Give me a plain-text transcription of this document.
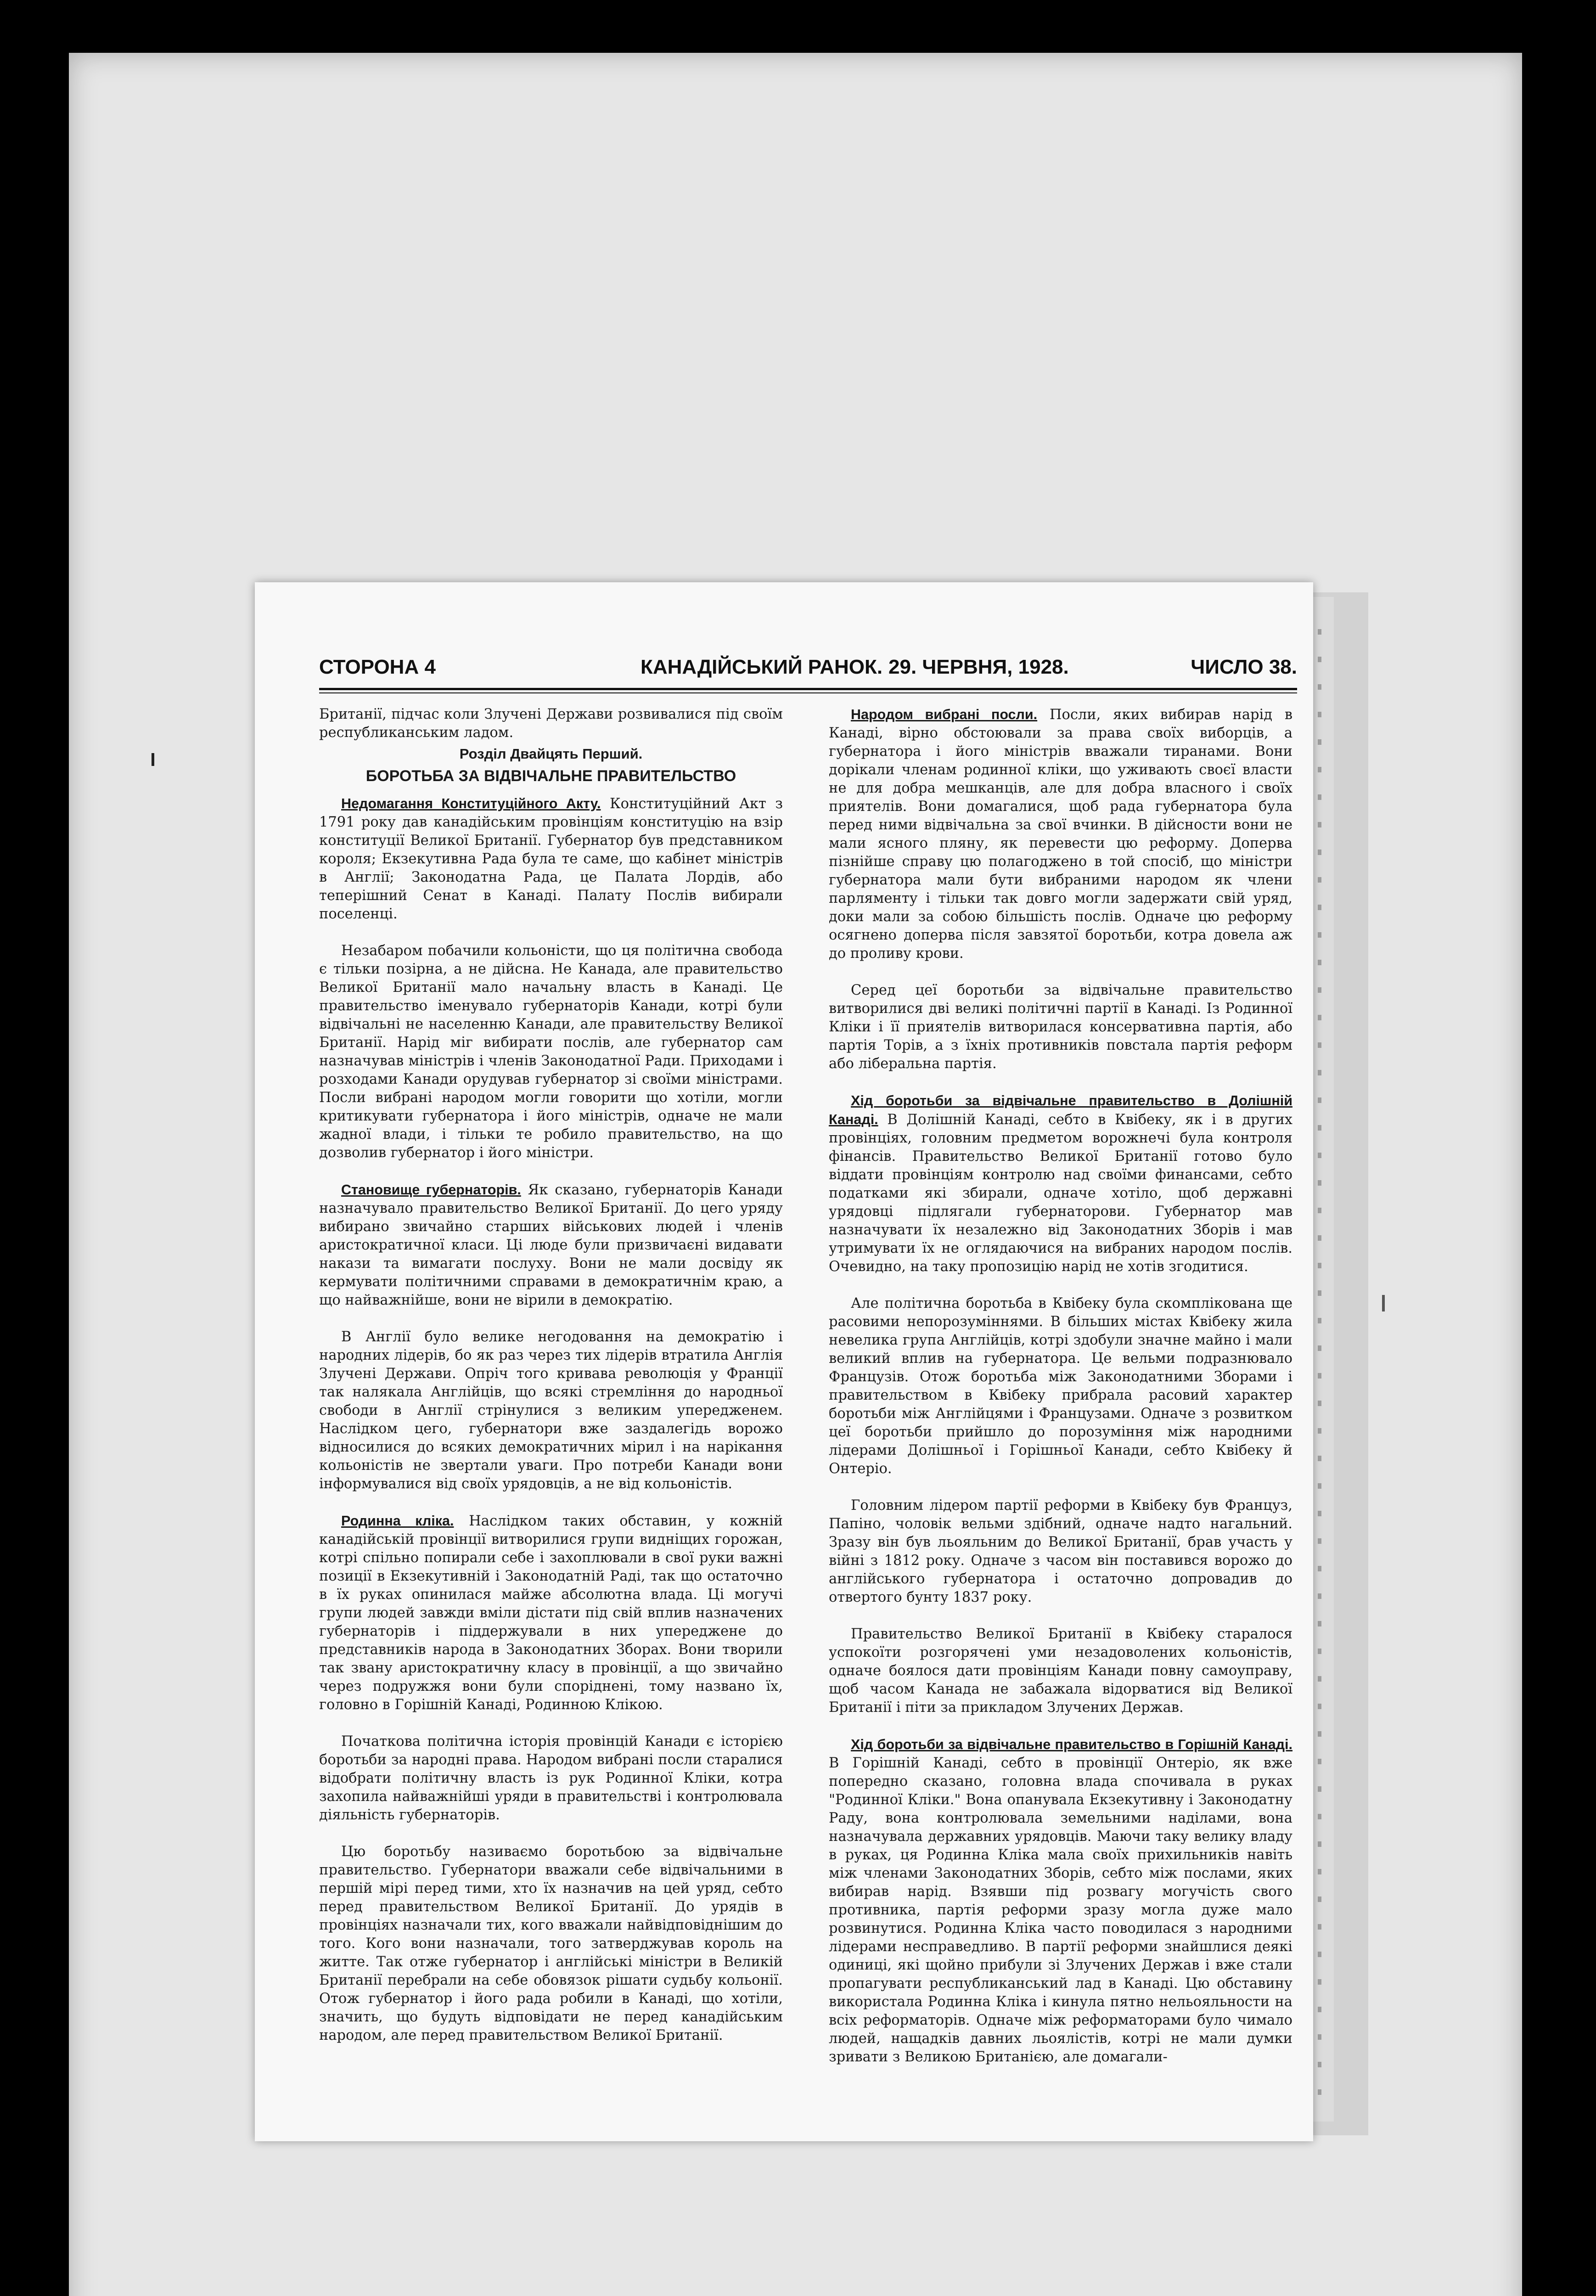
СТОРОНА 4	КАНАДІЙСЬКИЙ РАНОК. 29. ЧЕРВНЯ, 1928.	ЧИСЛО 38.

Британії, підчас коли Злучені Держави розвивалися під своїм республиканським ладом.

Розділ Двайцять Перший.
БОРОТЬБА ЗА ВІДВІЧАЛЬНЕ ПРАВИТЕЛЬСТВО

Недомагання Конституційного Акту. Конституційний Акт з 1791 року дав канадійським провінціям конституцію на взір конституції Великої Британії. Губернатор був представником короля; Екзекутивна Рада була те саме, що кабінет міністрів в Англії; Законодатна Рада, це Палата Лордів, або теперішний Сенат в Канаді. Палату Послів вибирали поселенці.

Незабаром побачили кольоністи, що ця політична свобода є тільки позірна, а не дійсна. Не Канада, але правительство Великої Британії мало начальну власть в Канаді. Це правительство іменувало губернаторів Канади, котрі були відвічальні не населенню Канади, але правительству Великої Британії. Нарід міг вибирати послів, але губернатор сам назначував міністрів і членів Законодатної Ради. Приходами і розходами Канади орудував губернатор зі своїми міністрами. Посли вибрані народом могли говорити що хотіли, могли критикувати губернатора і його міністрів, одначе не мали жадної влади, і тільки те робило правительство, на що дозволив губернатор і його міністри.

Становище губернаторів. Як сказано, губернаторів Канади назначувало правительство Великої Британії. До цего уряду вибирано звичайно старших військових людей і членів аристократичної класи. Ці люде були призвичаєні видавати накази та вимагати послуху. Вони не мали досвіду як кермувати політичними справами в демократичнім краю, а що найважнійше, вони не вірили в демократію.

В Англії було велике негодовання на демократію і народних лідерів, бо як раз через тих лідерів втратила Англія Злучені Держави. Опріч того кривава революція у Франції так налякала Англійців, що всякі стремління до народньої свободи в Англії стрінулися з великим упередженем. Наслідком цего, губернатори вже заздалегідь ворожо відносилися до всяких демократичних мірил і на нарікання кольоністів не звертали уваги. Про потреби Канади вони інформувалися від своїх урядовців, а не від кольоністів.

Родинна кліка. Наслідком таких обставин, у кожній канадійській провінції витворилися групи видніщих горожан, котрі спільно попирали себе і захоплювали в свої руки важні позиції в Екзекутивній і Законодатній Раді, так що остаточно в їх руках опинилася майже абсолютна влада. Ці могучі групи людей завжди вміли дістати під свій вплив назначених губернаторів і піддержували в них упереджене до представників народа в Законодатних Зборах. Вони творили так звану аристократичну класу в провінції, а що звичайно через подружжя вони були споріднені, тому названо їх, головно в Горішній Канаді, Родинною Клікою.

Початкова політична історія провінцій Канади є історією боротьби за народні права. Народом вибрані посли старалися відобрати політичну власть із рук Родинної Кліки, котра захопила найважнійші уряди в правительстві і контролювала діяльність губернаторів.

Цю боротьбу називаємо боротьбою за відвічальне правительство. Губернатори вважали себе відвічальними в першій мірі перед тими, хто їх назначив на цей уряд, себто перед правительством Великої Британії. До урядів в провінціях назначали тих, кого вважали найвідповіднішим до того. Кого вони назначали, того затверджував король на житте. Так отже губернатор і англійські міністри в Великій Британії перебрали на себе обовязок рішати судьбу кольонії. Отож губернатор і його рада робили в Канаді, що хотіли, значить, що будуть відповідати не перед канадійським народом, але перед правительством Великої Британії.

Народом вибрані посли. Посли, яких вибирав нарід в Канаді, вірно обстоювали за права своїх виборців, а губернатора і його міністрів вважали тиранами. Вони дорікали членам родинної кліки, що уживають своєї власти не для добра мешканців, але для добра власного і своїх приятелів. Вони домагалися, щоб рада губернатора була перед ними відвічальна за свої вчинки. В дійсности вони не мали ясного пляну, як перевести цю реформу. Доперва пізнійше справу цю полагоджено в той спосіб, що міністри губернатора мали бути вибраними народом як члени парляменту і тільки так довго могли задержати свій уряд, доки мали за собою більшість послів. Одначе цю реформу осягнено доперва після завзятої боротьби, котра довела аж до проливу крови.

Серед цеї боротьби за відвічальне правительство витворилися дві великі політичні партії в Канаді. Із Родинної Кліки і її приятелів витворилася консервативна партія, або партія Торів, а з їхніх противників повстала партія реформ або ліберальна партія.

Хід боротьби за відвічальне правительство в Долішній Канаді. В Долішній Канаді, себто в Квібеку, як і в других провінціях, головним предметом ворожнечі була контроля фінансів. Правительство Великої Британії готово було віддати провінціям контролю над своїми финансами, себто податками які збирали, одначе хотіло, щоб державні урядовці підлягали губернаторови. Губернатор мав назначувати їх незалежно від Законодатних Зборів і мав утримувати їх не оглядаючися на вибраних народом послів. Очевидно, на таку пропозицію нарід не хотів згодитися.

Але політична боротьба в Квібеку була скомплікована ще расовими непорозуміннями. В більших містах Квібеку жила невелика група Англійців, котрі здобули значне майно і мали великий вплив на губернатора. Це вельми подразнювало Французів. Отож боротьба між Законодатними Зборами і правительством в Квібеку прибрала расовий характер боротьби між Англійцями і Французами. Одначе з розвитком цеї боротьби прийшло до порозуміння між народними лідерами Долішньої і Горішньої Канади, себто Квібеку й Онтеріо.

Головним лідером партії реформи в Квібеку був Француз, Папіно, чоловік вельми здібний, одначе надто нагальний. Зразу він був льояльним до Великої Британії, брав участь у війні з 1812 року. Одначе з часом він поставився ворожо до англійського губернатора і остаточно допровадив до отвертого бунту 1837 року.

Правительство Великої Британії в Квібеку старалося успокоїти розгорячені уми незадоволених кольоністів, одначе боялося дати провінціям Канади повну самоуправу, щоб часом Канада не забажала відорватися від Великої Британії і піти за прикладом Злучених Держав.

Хід боротьби за відвічальне правительство в Горішній Канаді. В Горішній Канаді, себто в провінції Онтеріо, як вже попередно сказано, головна влада спочивала в руках "Родинної Кліки." Вона опанувала Екзекутивну і Законодатну Раду, вона контролювала земельними наділами, вона назначувала державних урядовців. Маючи таку велику владу в руках, ця Родинна Кліка мала своїх прихильників навіть між членами Законодатних Зборів, себто між послами, яких вибирав нарід. Взявши під розвагу могучість свого противника, партія реформи зразу могла дуже мало розвинутися. Родинна Кліка часто поводилася з народними лідерами несправедливо. В партії реформи знайшлися деякі одиниці, які щойно прибули зі Злучених Держав і вже стали пропагувати республиканський лад в Канаді. Цю обставину використала Родинна Кліка і кинула пятно нельояльности на всіх реформаторів. Одначе між реформаторами було чимало людей, нащадків давних льоялістів, котрі не мали думки зривати з Великою Британією, але домагали-
